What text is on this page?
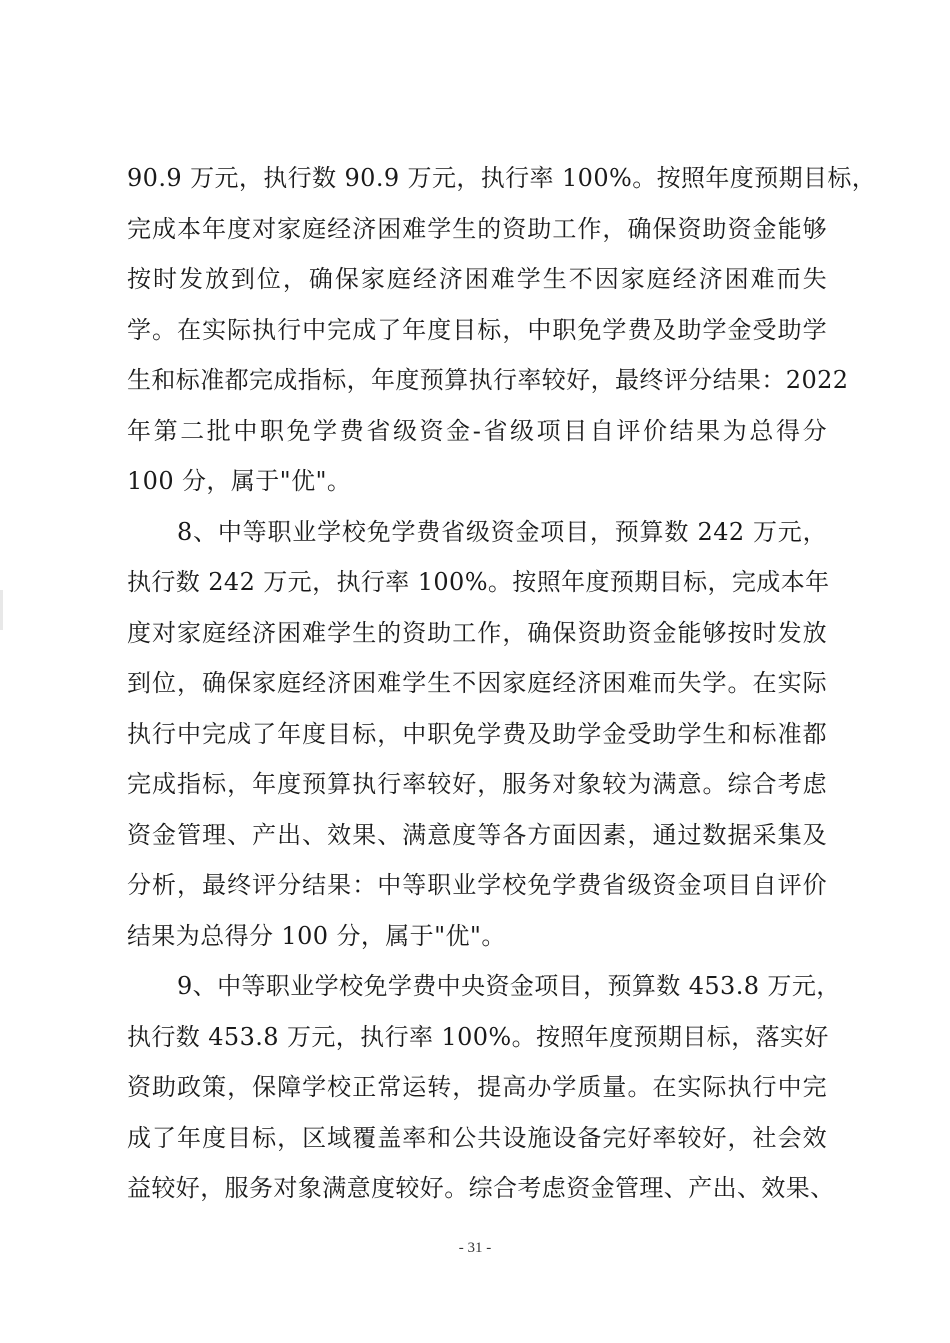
90.9 万元，执行数 90.9 万元，执行率 100%。按照年度预期目标，
完成本年度对家庭经济困难学生的资助工作，确保资助资金能够
按时发放到位，确保家庭经济困难学生不因家庭经济困难而失
学。在实际执行中完成了年度目标，中职免学费及助学金受助学
生和标准都完成指标，年度预算执行率较好，最终评分结果：2022
年第二批中职免学费省级资金-省级项目自评价结果为总得分
100 分，属于"优"。
8、中等职业学校免学费省级资金项目，预算数 242 万元，
执行数 242 万元，执行率 100%。按照年度预期目标，完成本年
度对家庭经济困难学生的资助工作，确保资助资金能够按时发放
到位，确保家庭经济困难学生不因家庭经济困难而失学。在实际
执行中完成了年度目标，中职免学费及助学金受助学生和标准都
完成指标，年度预算执行率较好，服务对象较为满意。综合考虑
资金管理、产出、效果、满意度等各方面因素，通过数据采集及
分析，最终评分结果：中等职业学校免学费省级资金项目自评价
结果为总得分 100 分，属于"优"。
9、中等职业学校免学费中央资金项目，预算数 453.8 万元，
执行数 453.8 万元，执行率 100%。按照年度预期目标，落实好
资助政策，保障学校正常运转，提高办学质量。在实际执行中完
成了年度目标，区域覆盖率和公共设施设备完好率较好，社会效
益较好，服务对象满意度较好。综合考虑资金管理、产出、效果、
- 31 -
